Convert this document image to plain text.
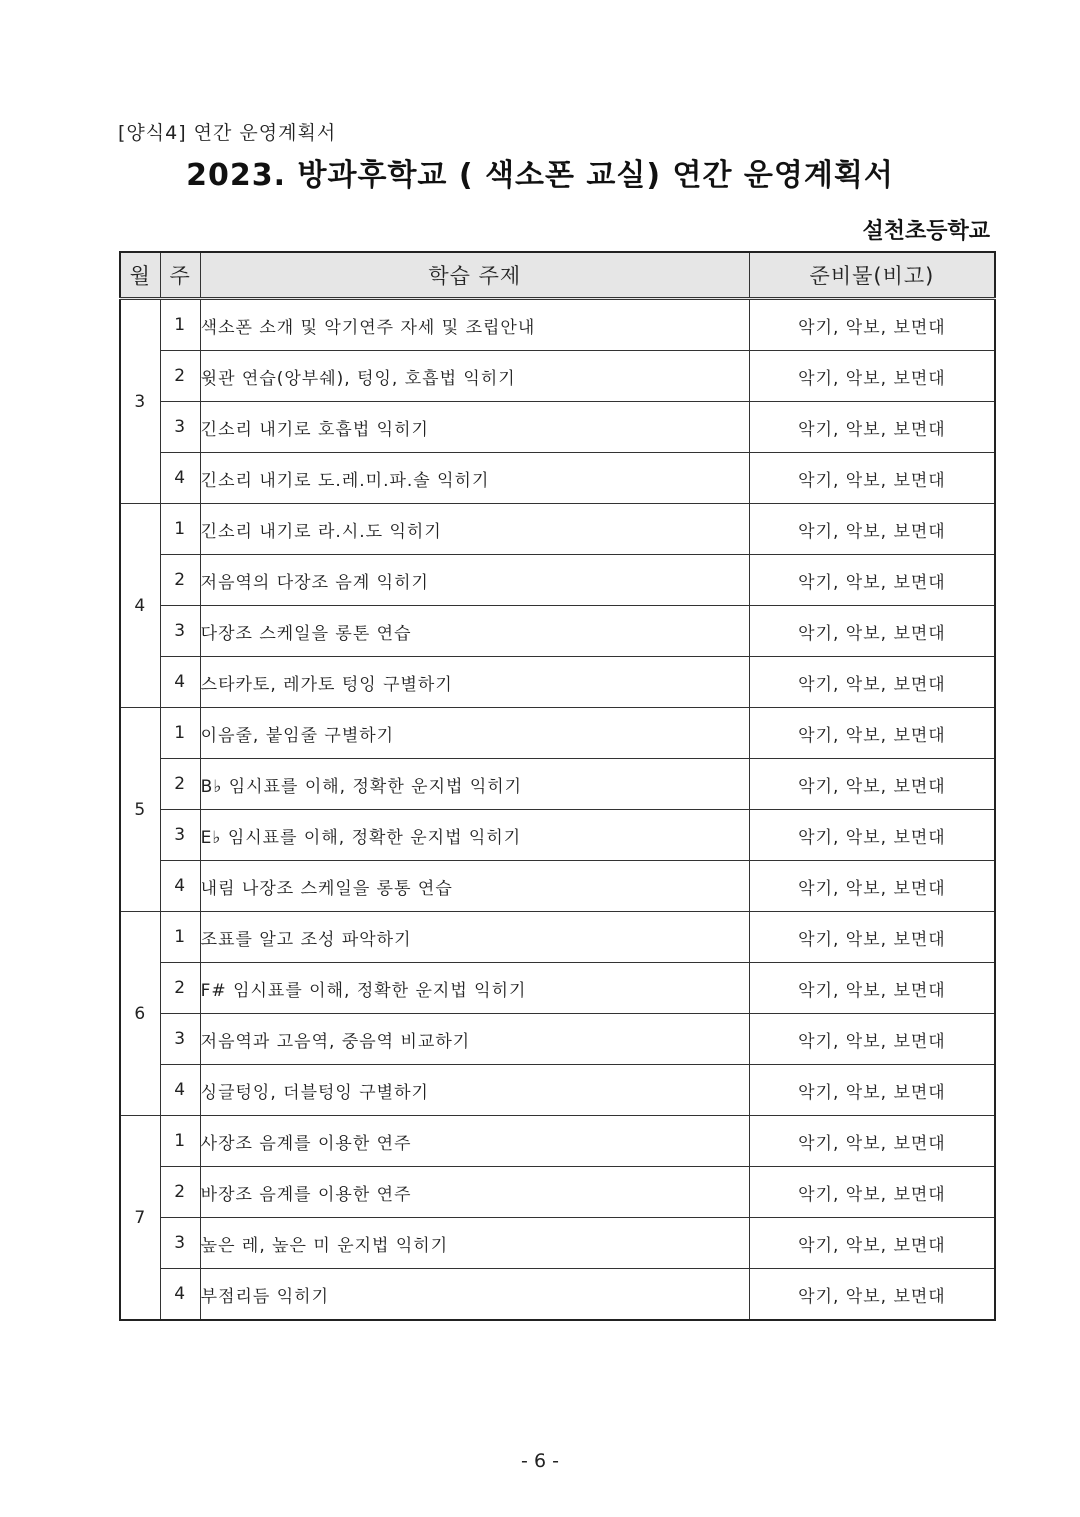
[양식4] 연간 운영계획서
2023. 방과후학교 ( 색소폰 교실) 연간 운영계획서
설천초등학교
월	주	학습 주제	준비물(비고)
3	1	색소폰 소개 및 악기연주 자세 및 조립안내	악기, 악보, 보면대
	2	윗관 연습(앙부쉐), 텅잉, 호흡법 익히기	악기, 악보, 보면대
	3	긴소리 내기로 호흡법 익히기	악기, 악보, 보면대
	4	긴소리 내기로 도.레.미.파.솔 익히기	악기, 악보, 보면대
4	1	긴소리 내기로 라.시.도 익히기	악기, 악보, 보면대
	2	저음역의 다장조 음계 익히기	악기, 악보, 보면대
	3	다장조 스케일을 롱톤 연습	악기, 악보, 보면대
	4	스타카토, 레가토 텅잉 구별하기	악기, 악보, 보면대
5	1	이음줄, 붙임줄 구별하기	악기, 악보, 보면대
	2	B♭ 임시표를 이해, 정확한 운지법 익히기	악기, 악보, 보면대
	3	E♭ 임시표를 이해, 정확한 운지법 익히기	악기, 악보, 보면대
	4	내림 나장조 스케일을 롱통 연습	악기, 악보, 보면대
6	1	조표를 알고 조성 파악하기	악기, 악보, 보면대
	2	F# 임시표를 이해, 정확한 운지법 익히기	악기, 악보, 보면대
	3	저음역과 고음역, 중음역 비교하기	악기, 악보, 보면대
	4	싱글텅잉, 더블텅잉 구별하기	악기, 악보, 보면대
7	1	사장조 음계를 이용한 연주	악기, 악보, 보면대
	2	바장조 음계를 이용한 연주	악기, 악보, 보면대
	3	높은 레, 높은 미 운지법 익히기	악기, 악보, 보면대
	4	부점리듬 익히기	악기, 악보, 보면대
- 6 -
